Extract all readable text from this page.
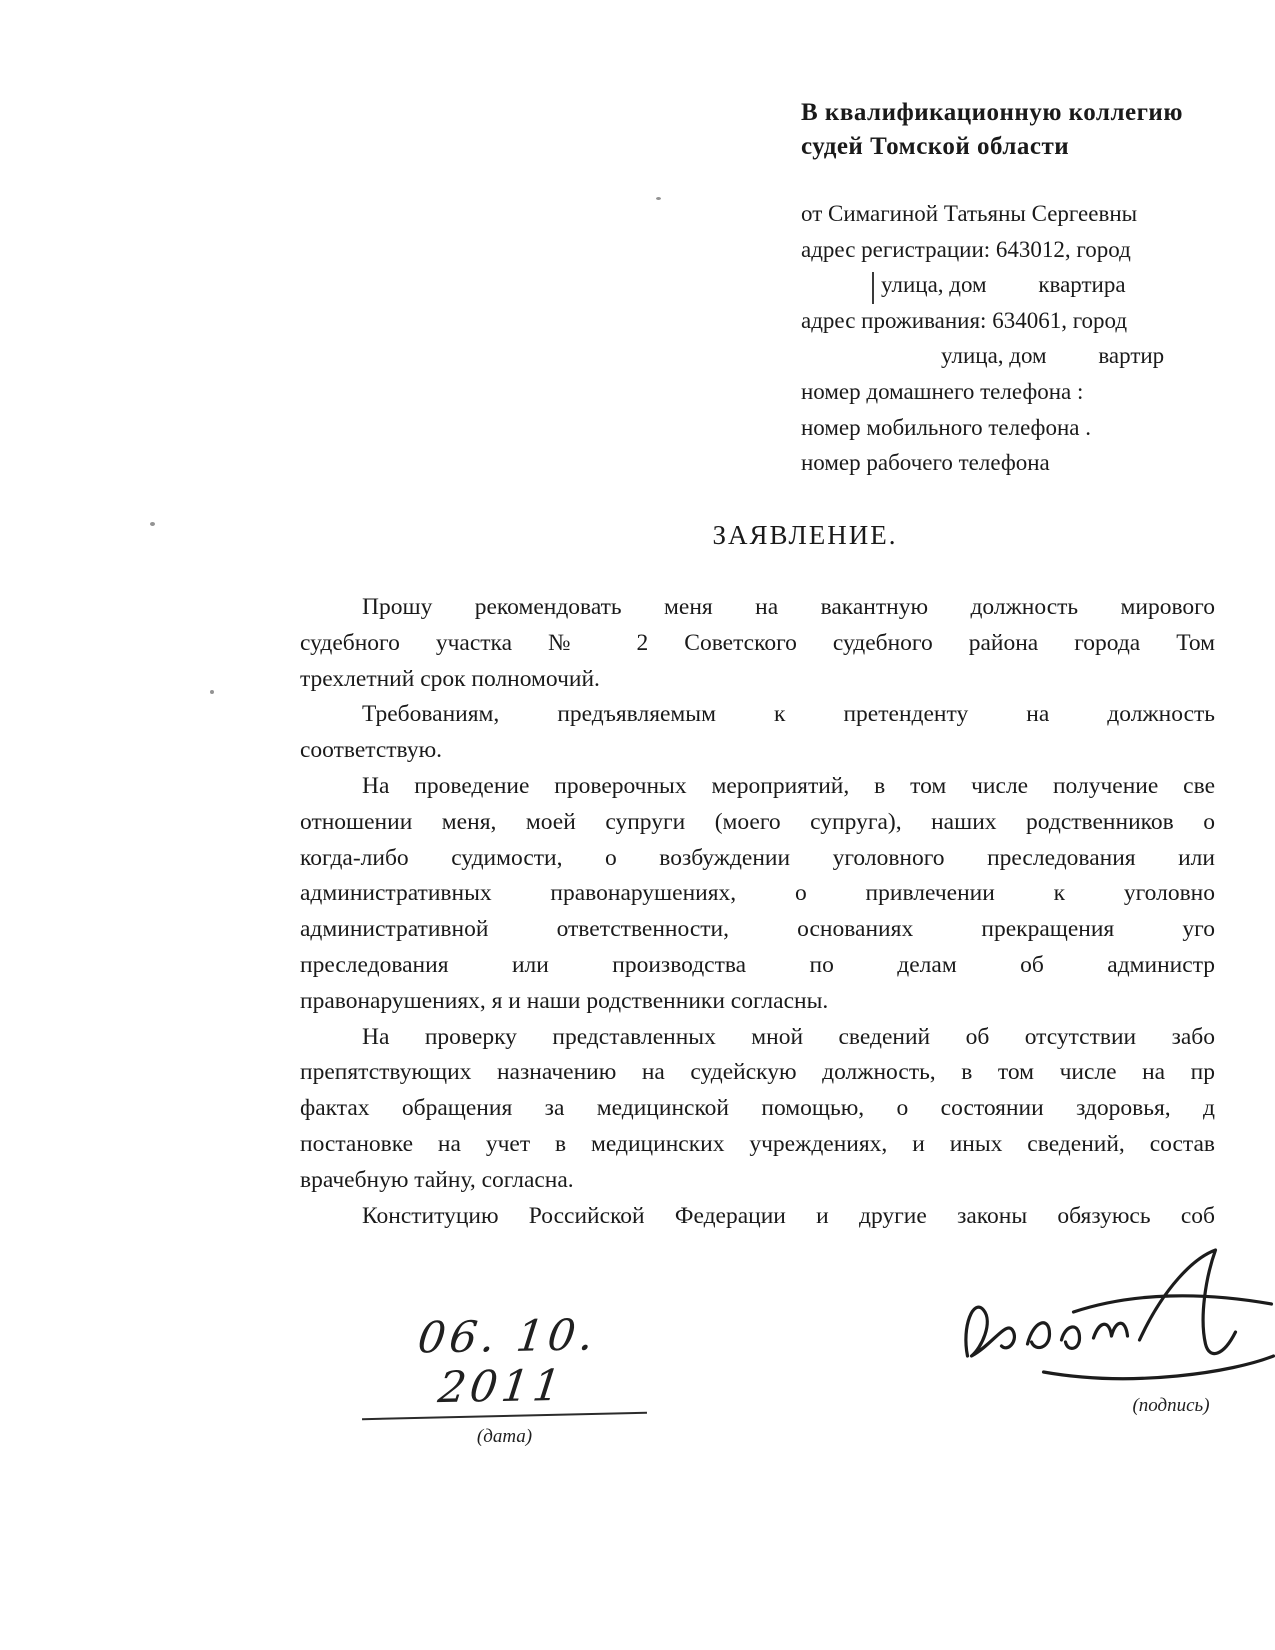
В квалификационную коллегию
судей Томской области
от Симагиной Татьяны Сергеевны
адрес регистрации: 643012, город
улица, дом         квартира
адрес проживания: 634061, город
улица, дом         вартир
номер домашнего телефона :
номер мобильного телефона .
номер рабочего телефона
ЗАЯВЛЕНИЕ.
Прошу рекомендовать меня на вакантную должность мирового
судебного участка № 2 Советского судебного района города Том
трехлетний срок полномочий.
Требованиям, предъявляемым к претенденту на должность
соответствую.
На проведение проверочных мероприятий, в том числе получение све
отношении меня, моей супруги (моего супруга), наших родственников о
когда-либо судимости, о возбуждении уголовного преследования или
административных правонарушениях, о привлечении к уголовно
административной ответственности, основаниях прекращения уго
преследования или производства по делам об администр
правонарушениях, я и наши родственники согласны.
На проверку представленных мной сведений об отсутствии забо
препятствующих назначению на судейскую должность, в том числе на пр
фактах обращения за медицинской помощью, о состоянии здоровья, д
постановке на учет в медицинских учреждениях, и иных сведений, состав
врачебную тайну, согласна.
Конституцию Российской Федерации и другие законы обязуюсь соб
06. 10. 2011
(дата)
(подпись)
